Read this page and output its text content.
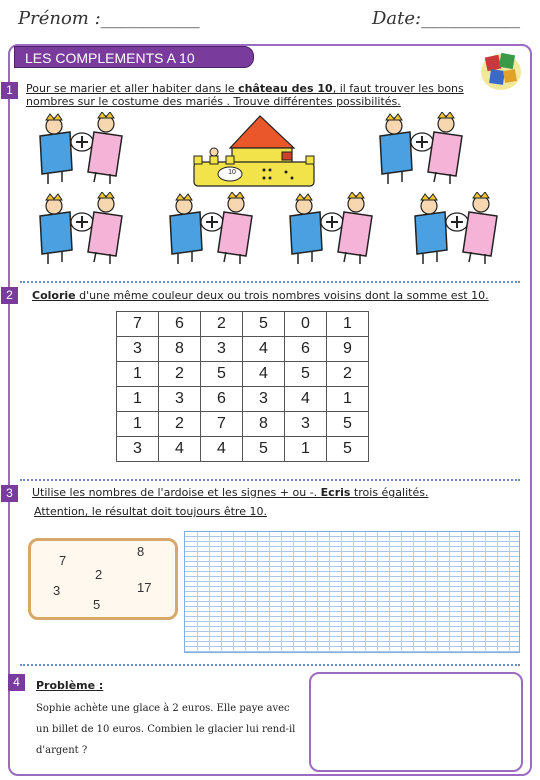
Prénom :___________	Date:___________
LES COMPLEMENTS A 10
1	Pour se marier et aller habiter dans le château des 10, il faut trouver les bons nombres sur le costume des mariés . Trouve différentes possibilités.
10
2	Colorie d'une même couleur deux ou trois nombres voisins dont la somme est 10.
7	6	2	5	0	1
3	8	3	4	6	9
1	2	5	4	5	2
1	3	6	3	4	1
1	2	7	8	3	5
3	4	4	5	1	5
3	Utilise les nombres de l'ardoise et les signes + ou -. Ecris trois égalités.
Attention, le résultat doit toujours être 10.
7
8
2
3	17
5
4	Problème :
Sophie achète une glace à 2 euros. Elle paye avec un billet de 10 euros. Combien le glacier lui rend-il d'argent ?
